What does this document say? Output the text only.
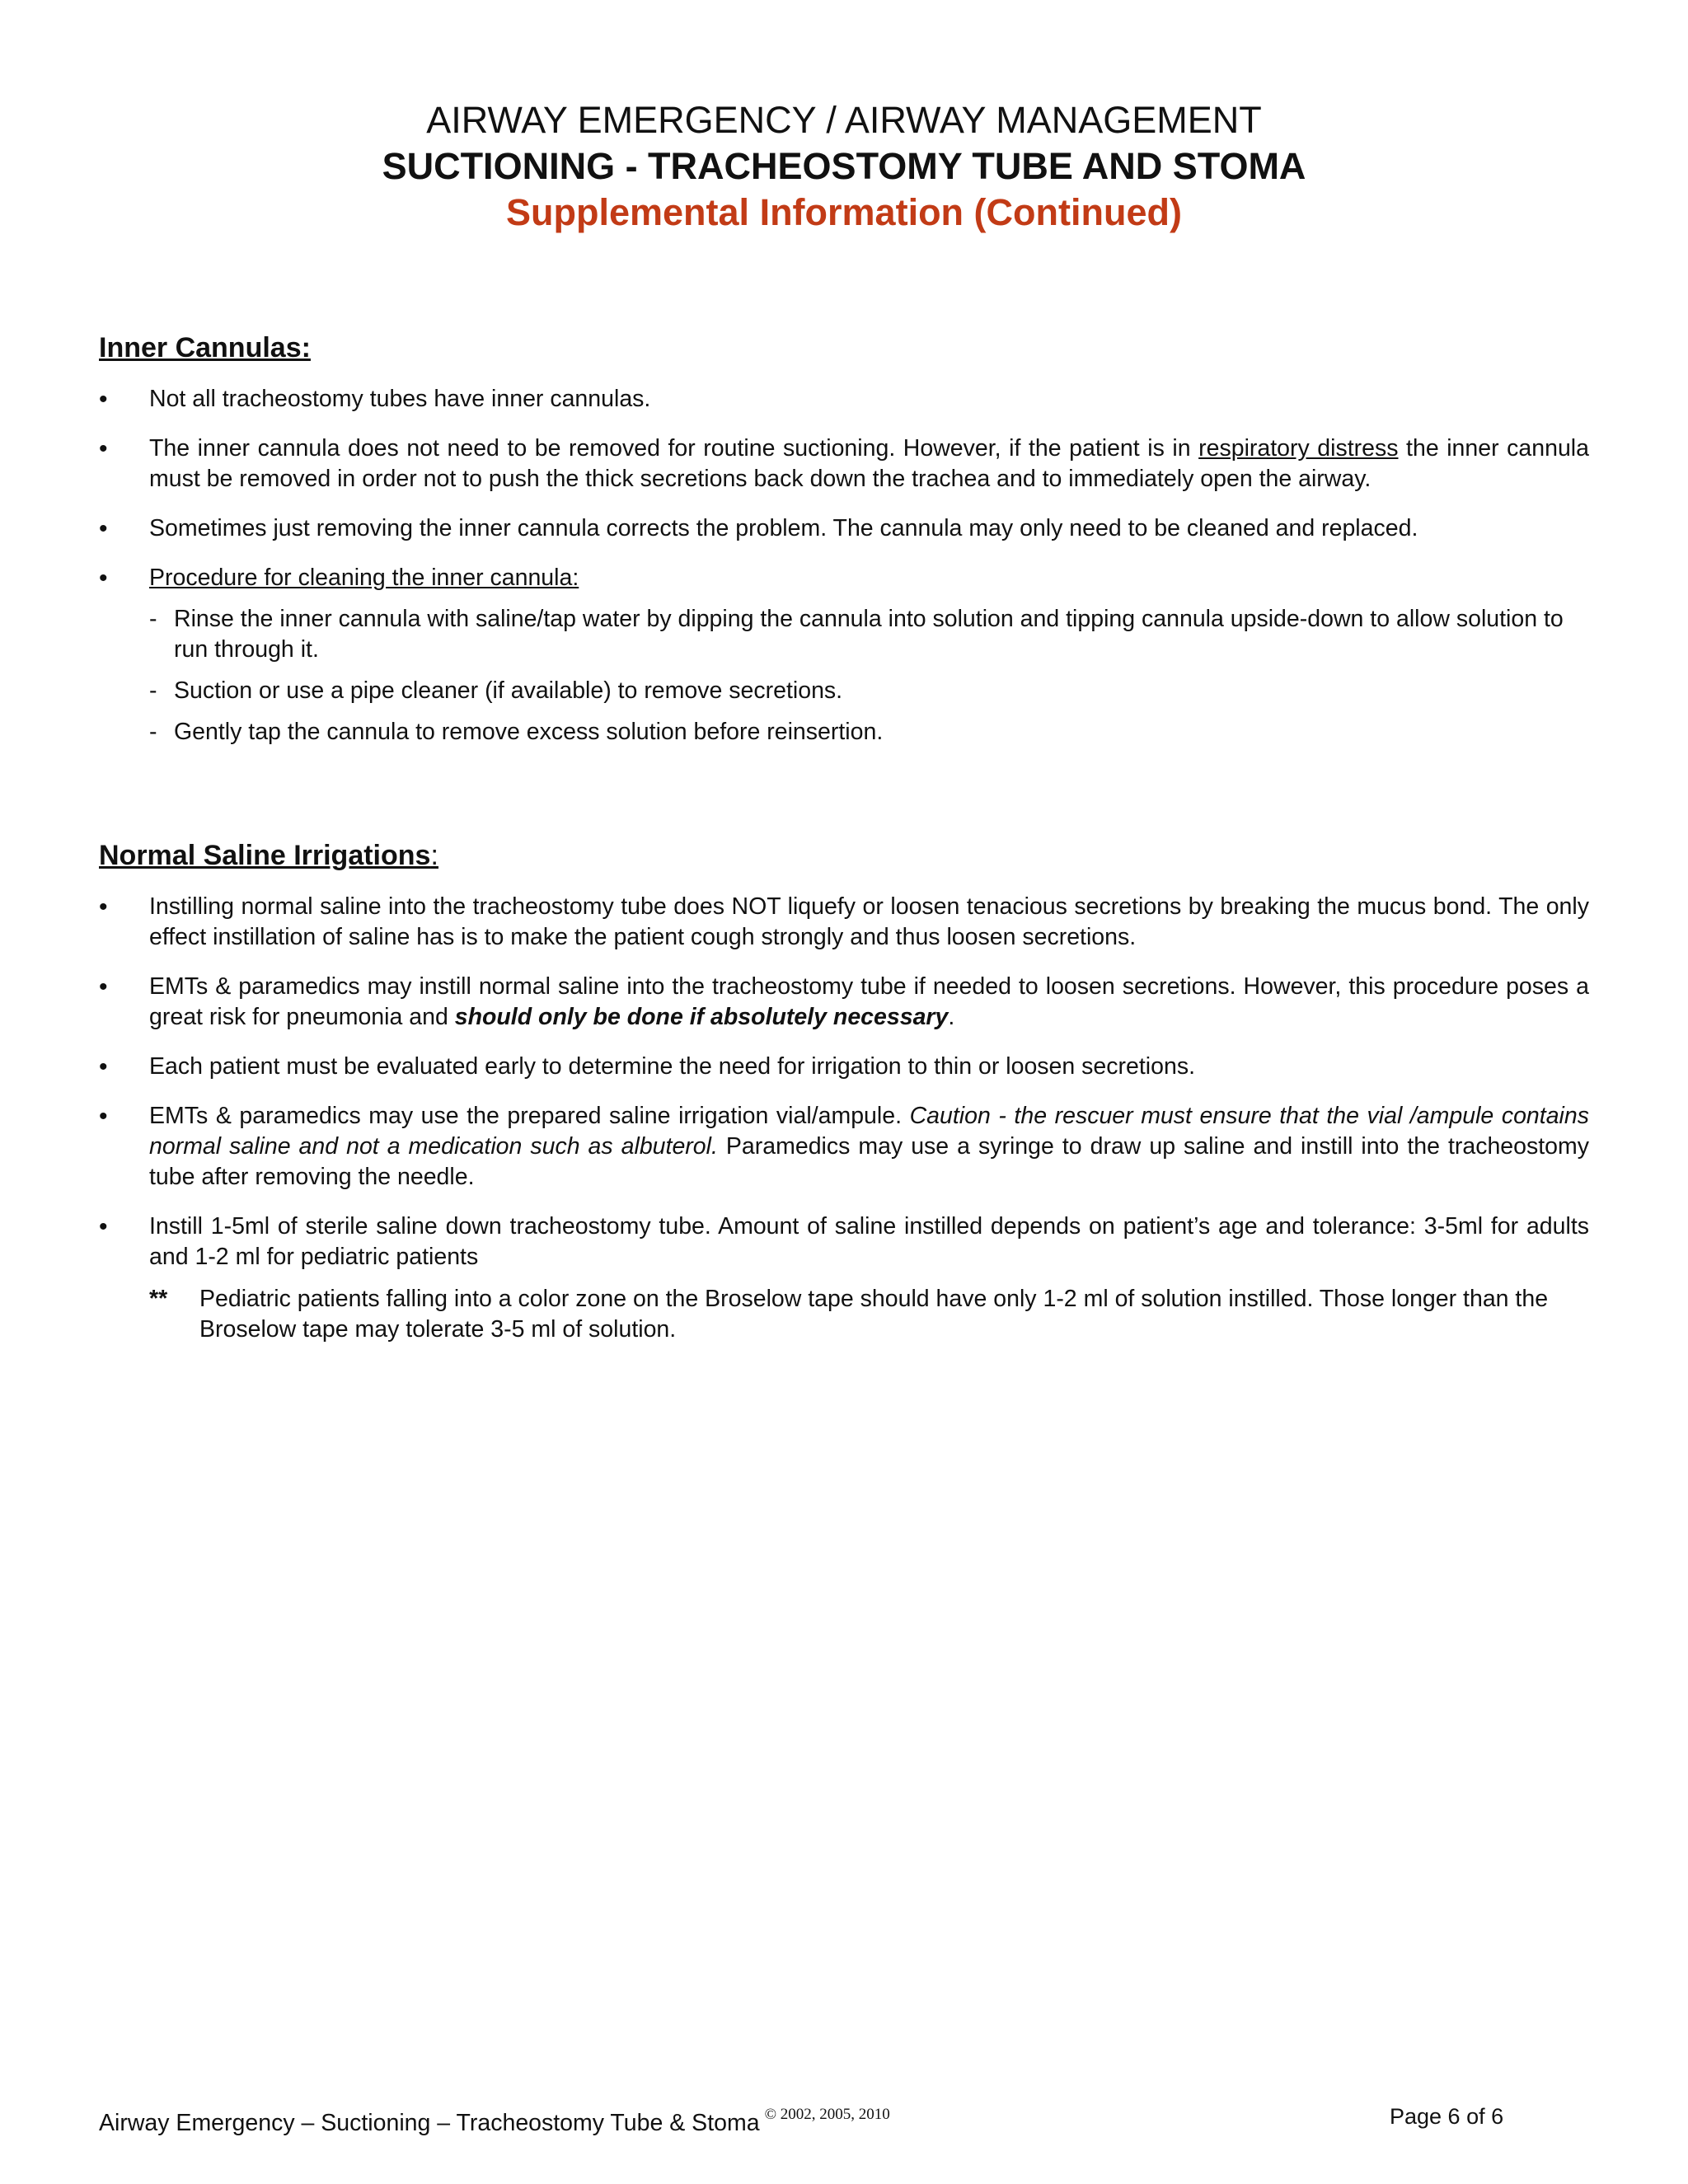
AIRWAY EMERGENCY / AIRWAY MANAGEMENT
SUCTIONING - TRACHEOSTOMY TUBE AND STOMA
Supplemental Information (Continued)
Inner Cannulas:
• Not all tracheostomy tubes have inner cannulas.
• The inner cannula does not need to be removed for routine suctioning. However, if the patient is in respiratory distress the inner cannula must be removed in order not to push the thick secretions back down the trachea and to immediately open the airway.
• Sometimes just removing the inner cannula corrects the problem. The cannula may only need to be cleaned and replaced.
• Procedure for cleaning the inner cannula:
- Rinse the inner cannula with saline/tap water by dipping the cannula into solution and tipping cannula upside-down to allow solution to run through it.
- Suction or use a pipe cleaner (if available) to remove secretions.
- Gently tap the cannula to remove excess solution before reinsertion.
Normal Saline Irrigations:
• Instilling normal saline into the tracheostomy tube does NOT liquefy or loosen tenacious secretions by breaking the mucus bond. The only effect instillation of saline has is to make the patient cough strongly and thus loosen secretions.
• EMTs & paramedics may instill normal saline into the tracheostomy tube if needed to loosen secretions. However, this procedure poses a great risk for pneumonia and should only be done if absolutely necessary.
• Each patient must be evaluated early to determine the need for irrigation to thin or loosen secretions.
• EMTs & paramedics may use the prepared saline irrigation vial/ampule. Caution - the rescuer must ensure that the vial /ampule contains normal saline and not a medication such as albuterol. Paramedics may use a syringe to draw up saline and instill into the tracheostomy tube after removing the needle.
• Instill 1-5ml of sterile saline down tracheostomy tube. Amount of saline instilled depends on patient’s age and tolerance: 3-5ml for adults and 1-2 ml for pediatric patients
** Pediatric patients falling into a color zone on the Broselow tape should have only 1-2 ml of solution instilled. Those longer than the Broselow tape may tolerate 3-5 ml of solution.
Airway Emergency – Suctioning – Tracheostomy Tube & Stoma $^{© 2002, 2005, 2010}$	Page 6 of 6
